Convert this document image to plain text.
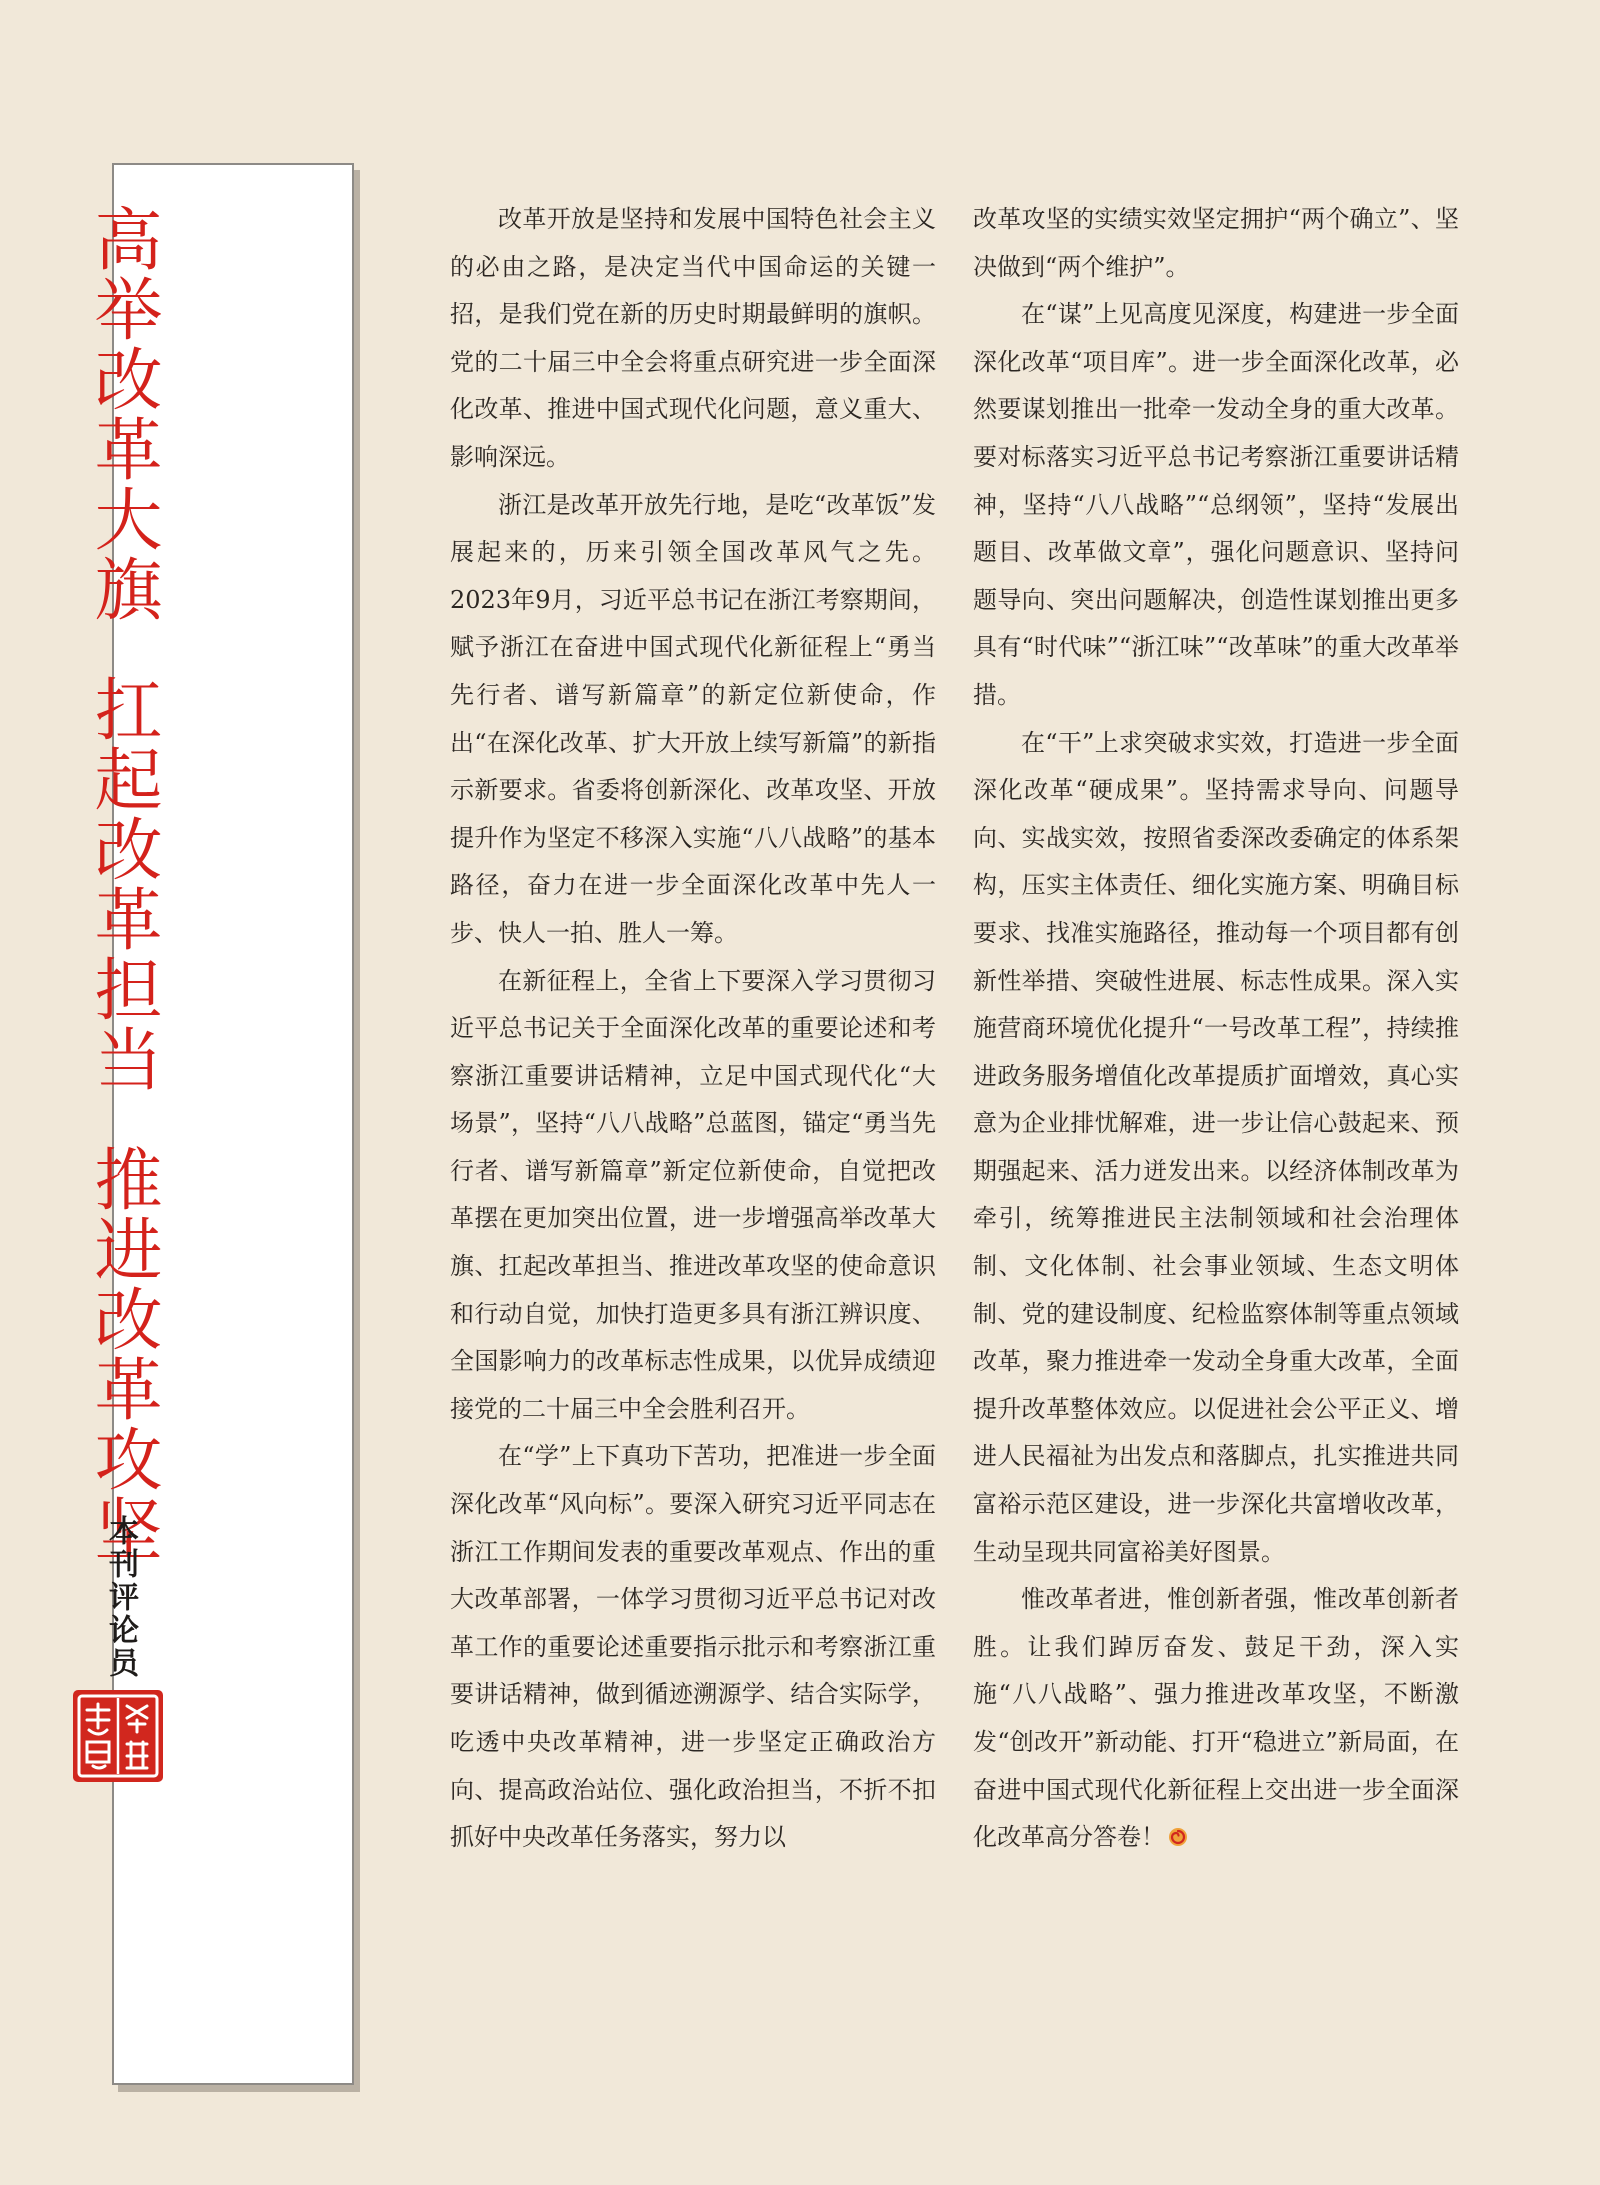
高举改革大旗扛起改革担当推进改革攻坚
本刊评论员

改革开放是坚持和发展中国特色社会主义的必由之路，是决定当代中国命运的关键一招，是我们党在新的历史时期最鲜明的旗帜。党的二十届三中全会将重点研究进一步全面深化改革、推进中国式现代化问题，意义重大、影响深远。

浙江是改革开放先行地，是吃“改革饭”发展起来的，历来引领全国改革风气之先。2023年9月，习近平总书记在浙江考察期间，赋予浙江在奋进中国式现代化新征程上“勇当先行者、谱写新篇章”的新定位新使命，作出“在深化改革、扩大开放上续写新篇”的新指示新要求。省委将创新深化、改革攻坚、开放提升作为坚定不移深入实施“八八战略”的基本路径，奋力在进一步全面深化改革中先人一步、快人一拍、胜人一筹。

在新征程上，全省上下要深入学习贯彻习近平总书记关于全面深化改革的重要论述和考察浙江重要讲话精神，立足中国式现代化“大场景”，坚持“八八战略”总蓝图，锚定“勇当先行者、谱写新篇章”新定位新使命，自觉把改革摆在更加突出位置，进一步增强高举改革大旗、扛起改革担当、推进改革攻坚的使命意识和行动自觉，加快打造更多具有浙江辨识度、全国影响力的改革标志性成果，以优异成绩迎接党的二十届三中全会胜利召开。

在“学”上下真功下苦功，把准进一步全面深化改革“风向标”。要深入研究习近平同志在浙江工作期间发表的重要改革观点、作出的重大改革部署，一体学习贯彻习近平总书记对改革工作的重要论述重要指示批示和考察浙江重要讲话精神，做到循迹溯源学、结合实际学，吃透中央改革精神，进一步坚定正确政治方向、提高政治站位、强化政治担当，不折不扣抓好中央改革任务落实，努力以

改革攻坚的实绩实效坚定拥护“两个确立”、坚决做到“两个维护”。

在“谋”上见高度见深度，构建进一步全面深化改革“项目库”。进一步全面深化改革，必然要谋划推出一批牵一发动全身的重大改革。要对标落实习近平总书记考察浙江重要讲话精神，坚持“八八战略”“总纲领”，坚持“发展出题目、改革做文章”，强化问题意识、坚持问题导向、突出问题解决，创造性谋划推出更多具有“时代味”“浙江味”“改革味”的重大改革举措。

在“干”上求突破求实效，打造进一步全面深化改革“硬成果”。坚持需求导向、问题导向、实战实效，按照省委深改委确定的体系架构，压实主体责任、细化实施方案、明确目标要求、找准实施路径，推动每一个项目都有创新性举措、突破性进展、标志性成果。深入实施营商环境优化提升“一号改革工程”，持续推进政务服务增值化改革提质扩面增效，真心实意为企业排忧解难，进一步让信心鼓起来、预期强起来、活力迸发出来。以经济体制改革为牵引，统筹推进民主法制领域和社会治理体制、文化体制、社会事业领域、生态文明体制、党的建设制度、纪检监察体制等重点领域改革，聚力推进牵一发动全身重大改革，全面提升改革整体效应。以促进社会公平正义、增进人民福祉为出发点和落脚点，扎实推进共同富裕示范区建设，进一步深化共富增收改革，生动呈现共同富裕美好图景。

惟改革者进，惟创新者强，惟改革创新者胜。让我们踔厉奋发、鼓足干劲，深入实施“八八战略”、强力推进改革攻坚，不断激发“创改开”新动能、打开“稳进立”新局面，在奋进中国式现代化新征程上交出进一步全面深化改革高分答卷！
